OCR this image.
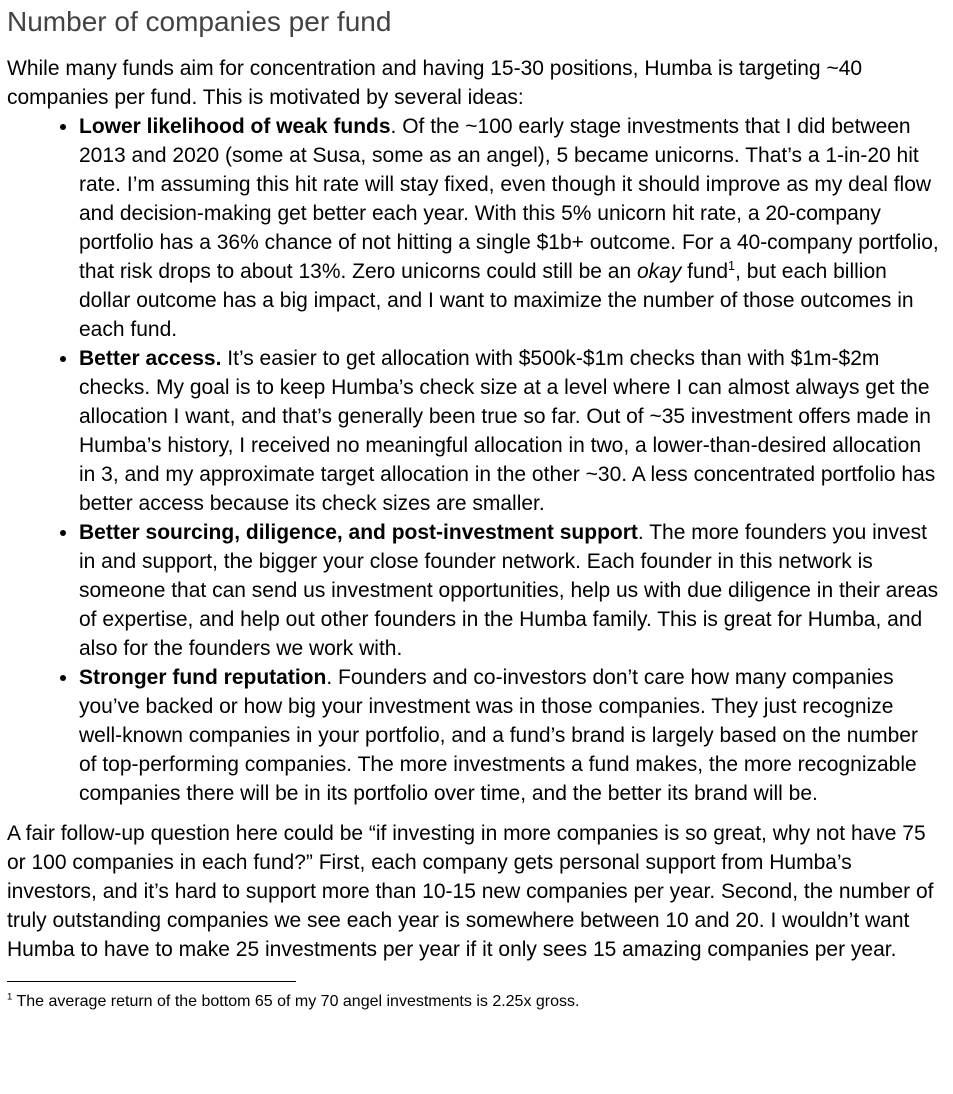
Number of companies per fund

While many funds aim for concentration and having 15-30 positions, Humba is targeting ~40 companies per fund. This is motivated by several ideas:

• Lower likelihood of weak funds. Of the ~100 early stage investments that I did between 2013 and 2020 (some at Susa, some as an angel), 5 became unicorns. That’s a 1-in-20 hit rate. I’m assuming this hit rate will stay fixed, even though it should improve as my deal flow and decision-making get better each year. With this 5% unicorn hit rate, a 20-company portfolio has a 36% chance of not hitting a single $1b+ outcome. For a 40-company portfolio, that risk drops to about 13%. Zero unicorns could still be an okay fund$^1$, but each billion dollar outcome has a big impact, and I want to maximize the number of those outcomes in each fund.
• Better access. It’s easier to get allocation with $500k-$1m checks than with $1m-$2m checks. My goal is to keep Humba’s check size at a level where I can almost always get the allocation I want, and that’s generally been true so far. Out of ~35 investment offers made in Humba’s history, I received no meaningful allocation in two, a lower-than-desired allocation in 3, and my approximate target allocation in the other ~30. A less concentrated portfolio has better access because its check sizes are smaller.
• Better sourcing, diligence, and post-investment support. The more founders you invest in and support, the bigger your close founder network. Each founder in this network is someone that can send us investment opportunities, help us with due diligence in their areas of expertise, and help out other founders in the Humba family. This is great for Humba, and also for the founders we work with.
• Stronger fund reputation. Founders and co-investors don’t care how many companies you’ve backed or how big your investment was in those companies. They just recognize well-known companies in your portfolio, and a fund’s brand is largely based on the number of top-performing companies. The more investments a fund makes, the more recognizable companies there will be in its portfolio over time, and the better its brand will be.

A fair follow-up question here could be “if investing in more companies is so great, why not have 75 or 100 companies in each fund?” First, each company gets personal support from Humba’s investors, and it’s hard to support more than 10-15 new companies per year. Second, the number of truly outstanding companies we see each year is somewhere between 10 and 20. I wouldn’t want Humba to have to make 25 investments per year if it only sees 15 amazing companies per year.

$^1$ The average return of the bottom 65 of my 70 angel investments is 2.25x gross.
